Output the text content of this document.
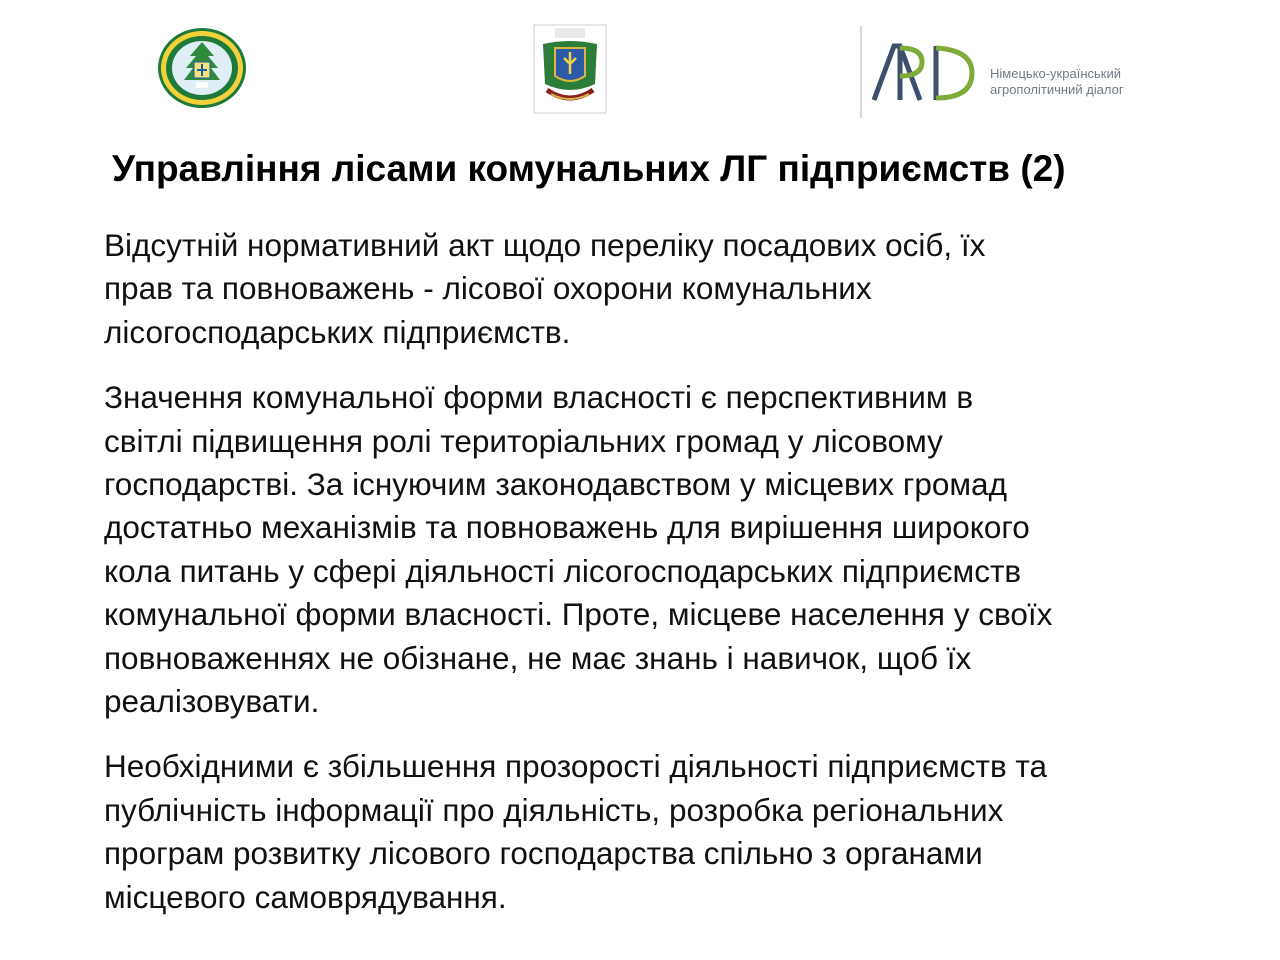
Німецько-український
агрополітичний діалог
Управління лісами комунальних ЛГ підприємств (2)

Відсутній нормативний акт щодо переліку посадових осіб, їх
прав та повноважень - лісової охорони комунальних
лісогосподарських підприємств.

Значення комунальної форми власності є перспективним в
світлі підвищення ролі територіальних громад у лісовому
господарстві. За існуючим законодавством у місцевих громад
достатньо механізмів та повноважень для вирішення широкого
кола питань у сфері діяльності лісогосподарських підприємств
комунальної форми власності. Проте, місцеве населення у своїх
повноваженнях не обізнане, не має знань і навичок, щоб їх
реалізовувати.

Необхідними є збільшення прозорості діяльності підприємств та
публічність інформації про діяльність, розробка регіональних
програм розвитку лісового господарства спільно з органами
місцевого самоврядування.
